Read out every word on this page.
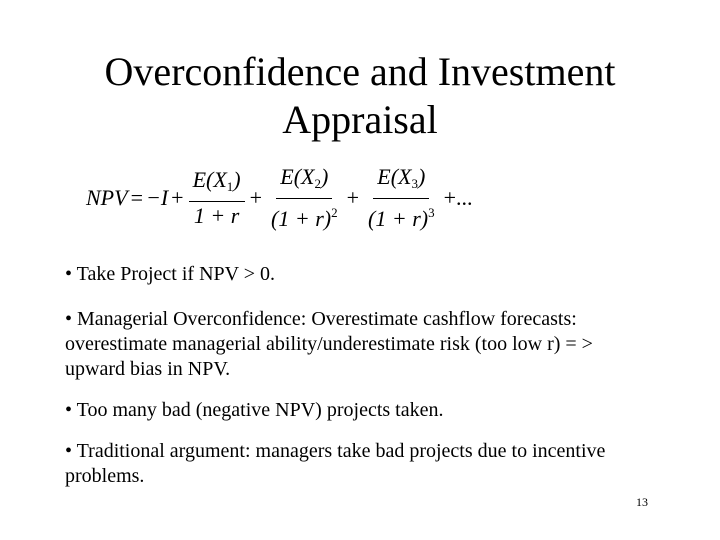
Overconfidence and Investment
Appraisal
NPV = $-I + \frac{E(X_1)}{1 + r} + \frac{E(X_2)}{(1 + r)^2} + \frac{E(X_3)}{(1 + r)^3}$ +...
• Take Project if NPV > 0.
• Managerial Overconfidence: Overestimate cashflow forecasts: overestimate managerial ability/underestimate risk (too low r) = > upward bias in NPV.
• Too many bad (negative NPV) projects taken.
• Traditional argument: managers take bad projects due to incentive problems.
13
